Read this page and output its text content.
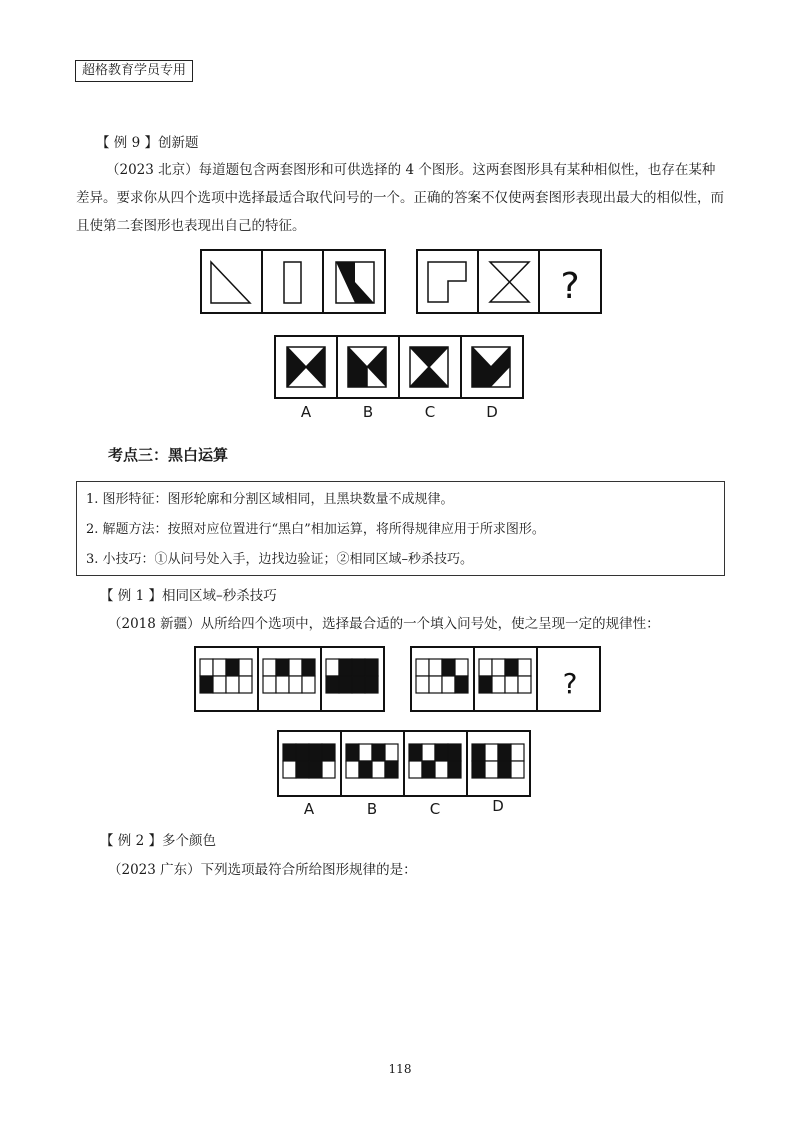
超格教育学员专用
【 例 9 】创新题
（2023 北京）每道题包含两套图形和可供选择的 4 个图形。这两套图形具有某种相似性，也存在某种差异。要求你从四个选项中选择最适合取代问号的一个。正确的答案不仅使两套图形表现出最大的相似性，而且使第二套图形也表现出自己的特征。
?
A	B	C	D
考点三：黑白运算
1. 图形特征：图形轮廓和分割区域相同，且黑块数量不成规律。
2. 解题方法：按照对应位置进行“黑白”相加运算，将所得规律应用于所求图形。
3. 小技巧：①从问号处入手，边找边验证；②相同区域–秒杀技巧。
【 例 1 】相同区域–秒杀技巧
（2018 新疆）从所给四个选项中，选择最合适的一个填入问号处，使之呈现一定的规律性：
?
A	B	C	D
【 例 2 】多个颜色
（2023 广东）下列选项最符合所给图形规律的是：
118
